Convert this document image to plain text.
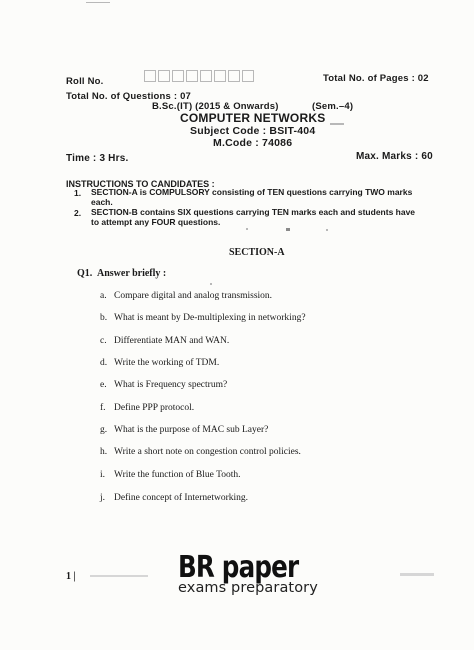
Roll No.	Total No. of Pages : 02
Total No. of Questions : 07
B.Sc.(IT) (2015 & Onwards)	(Sem.–4)
COMPUTER NETWORKS
Subject Code : BSIT-404
M.Code : 74086
Time : 3 Hrs.	Max. Marks : 60
INSTRUCTIONS TO CANDIDATES :
1. SECTION-A is COMPULSORY consisting of TEN questions carrying TWO marks
each.
2. SECTION-B contains SIX questions carrying TEN marks each and students have
to attempt any FOUR questions.
SECTION-A
Q1. Answer briefly :
a. Compare digital and analog transmission.
b. What is meant by De-multiplexing in networking?
c. Differentiate MAN and WAN.
d. Write the working of TDM.
e. What is Frequency spectrum?
f. Define PPP protocol.
g. What is the purpose of MAC sub Layer?
h. Write a short note on congestion control policies.
i. Write the function of Blue Tooth.
j. Define concept of Internetworking.
1 |	BR paper
exams preparatory
